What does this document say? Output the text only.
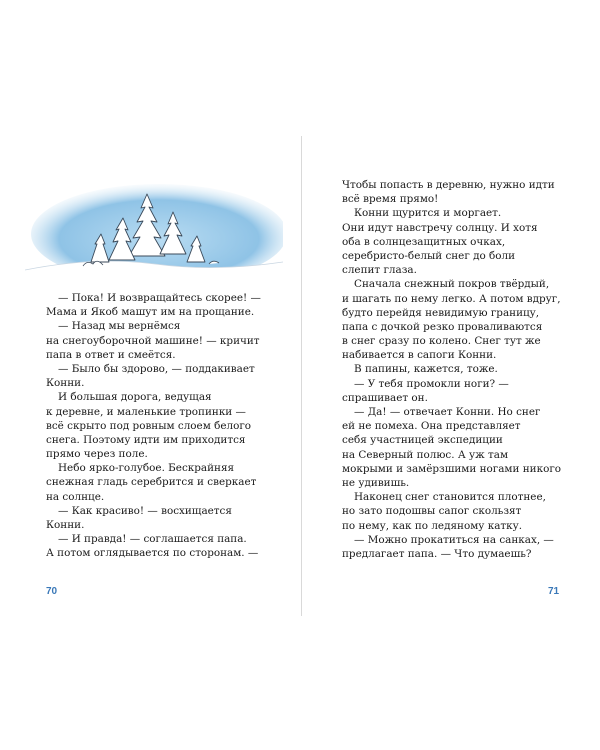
— Пока! И возвращайтесь скорее! —

Мама и Якоб машут им на прощание.

— Назад мы вернёмся

на снегоуборочной машине! — кричит

папа в ответ и смеётся.

— Было бы здорово, — поддакивает

Конни.

И большая дорога, ведущая

к деревне, и маленькие тропинки —

всё скрыто под ровным слоем белого

снега. Поэтому идти им приходится

прямо через поле.

Небо ярко-голубое. Бескрайняя

снежная гладь серебрится и сверкает

на солнце.

— Как красиво! — восхищается

Конни.

— И правда! — соглашается папа.

А потом оглядывается по сторонам. —

70

Чтобы попасть в деревню, нужно идти

всё время прямо!

Конни щурится и моргает.

Они идут навстречу солнцу. И хотя

оба в солнцезащитных очках,

серебристо-белый снег до боли

слепит глаза.

Сначала снежный покров твёрдый,

и шагать по нему легко. А потом вдруг,

будто перейдя невидимую границу,

папа с дочкой резко проваливаются

в снег сразу по колено. Снег тут же

набивается в сапоги Конни.

В папины, кажется, тоже.

— У тебя промокли ноги? —

спрашивает он.

— Да! — отвечает Конни. Но снег

ей не помеха. Она представляет

себя участницей экспедиции

на Северный полюс. А уж там

мокрыми и замёрзшими ногами никого

не удивишь.

Наконец снег становится плотнее,

но зато подошвы сапог скользят

по нему, как по ледяному катку.

— Можно прокатиться на санках, —

предлагает папа. — Что думаешь?

71
